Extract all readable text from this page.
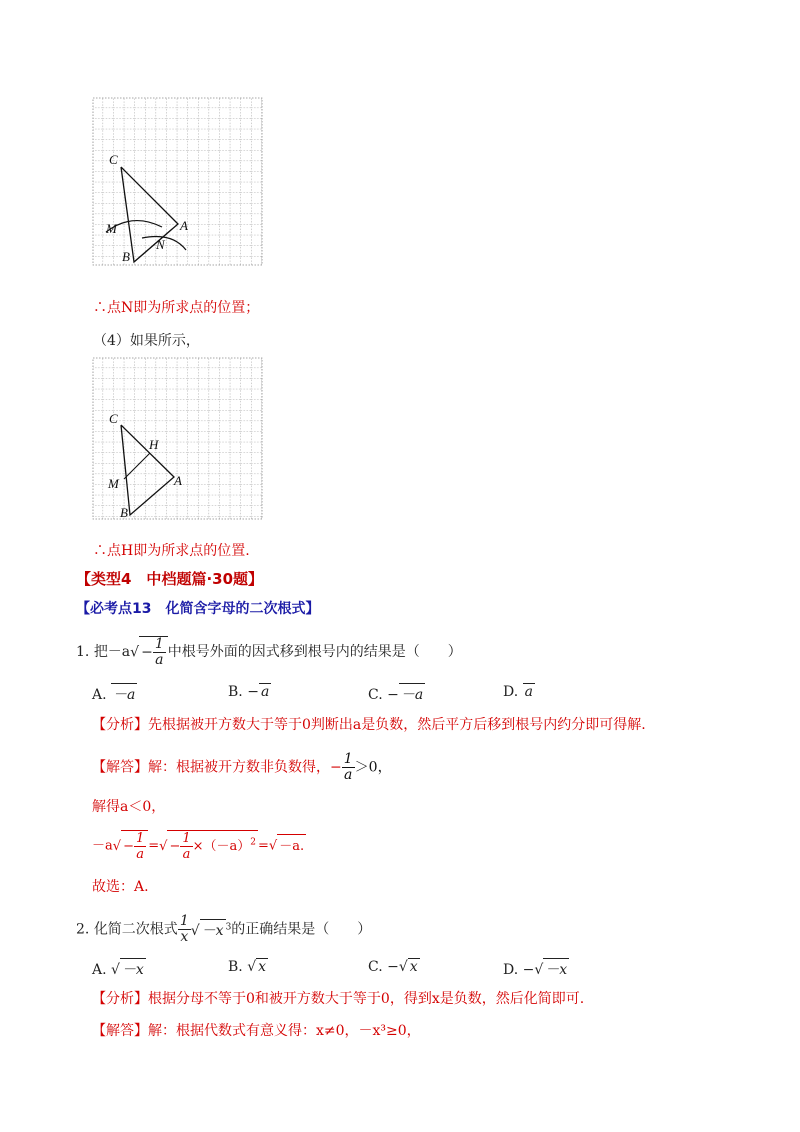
C
M	A
N
B
∴点N即为所求点的位置；
（4）如果所示，
C
H
M	A
B
∴点H即为所求点的位置.
【类型4　中档题篇·30题】
【必考点13　化简含字母的二次根式】
1. 把$-a√ - \frac{1}{a}$ 中根号外面的因式移到根号内的结果是（　　）
A. －a	B. − a	C. − －a	D. a
【分析】先根据被开方数大于等于0判断出a是负数，然后平方后移到根号内约分即可得解.
【解答】解：根据被开方数非负数得，− $\frac{1}{a} >0$，
解得a＜0，
$-a√ - \frac{1}{a}$ =√ − $\frac{1}{a} \times(-a)^2$ =√ －a.
故选：A.
2. 化简二次根式 $\frac{1}{x}$ √ －x $^3$的正确结果是（　　）
A. √ －x	B. √ x	C. −√ x	D. −√ －x
【分析】根据分母不等于0和被开方数大于等于0，得到x是负数，然后化简即可.
【解答】解：根据代数式有意义得：x≠0，－x³≥0，
